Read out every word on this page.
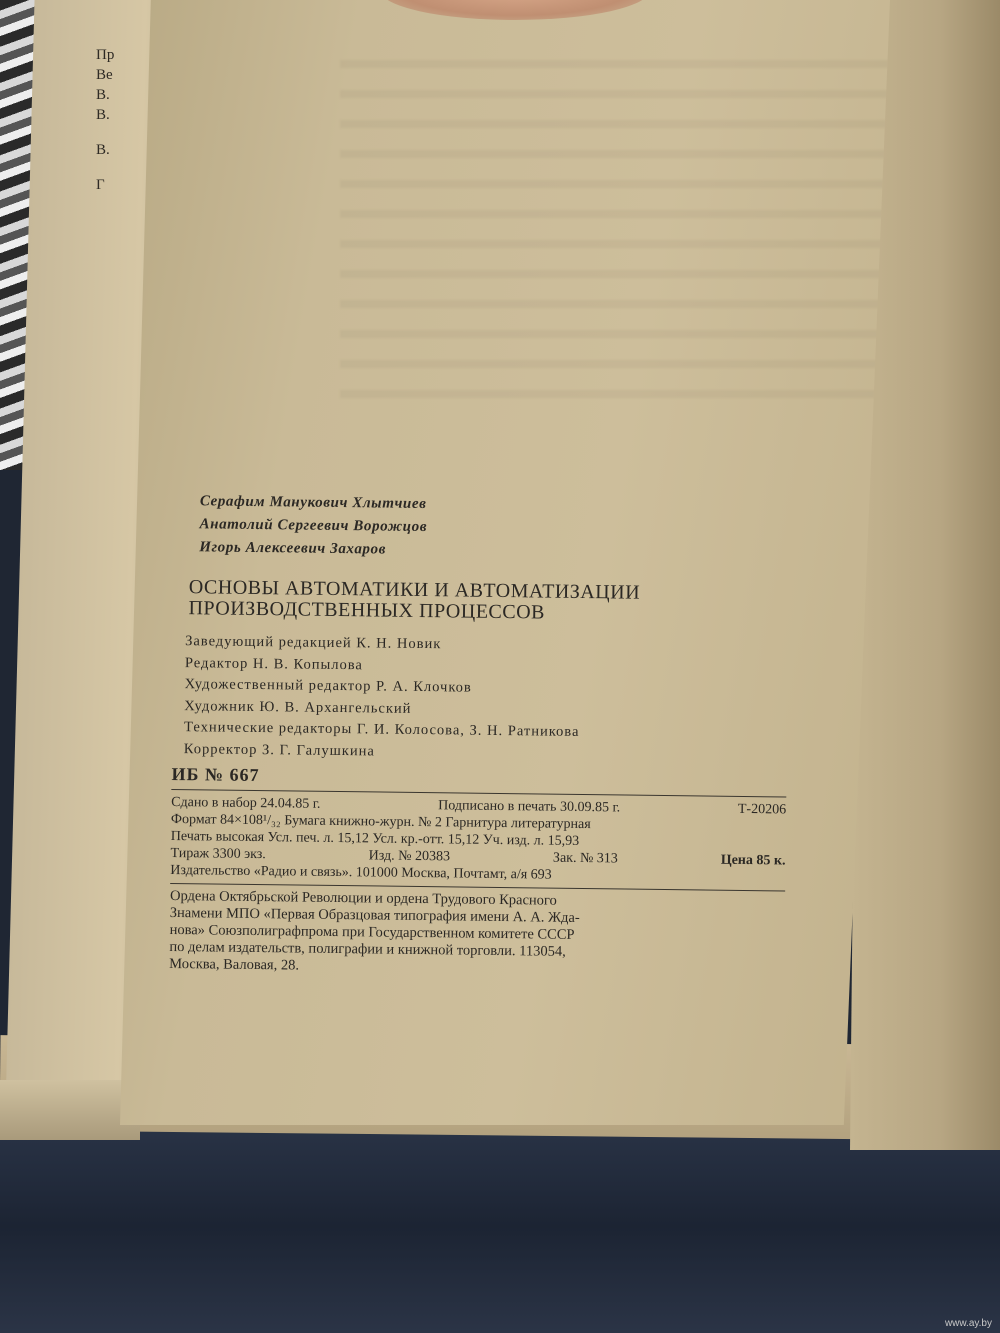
Пр
Ве
В.
В.
В.
Г
Серафим Манукович Хлытчиев
Анатолий Сергеевич Ворожцов
Игорь Алексеевич Захаров
ОСНОВЫ АВТОМАТИКИ И АВТОМАТИЗАЦИИ
ПРОИЗВОДСТВЕННЫХ ПРОЦЕССОВ
Заведующий редакцией К. Н. Новик
Редактор Н. В. Копылова
Художественный редактор Р. А. Клочков
Художник Ю. В. Архангельский
Технические редакторы Г. И. Колосова, З. Н. Ратникова
Корректор З. Г. Галушкина
ИБ № 667
Сдано в набор 24.04.85 г.	Подписано в печать 30.09.85 г.	Т-20206
Формат 84×108¹/₃₂ Бумага книжно-журн. № 2 Гарнитура литературная
Печать высокая Усл. печ. л. 15,12 Усл. кр.-отт. 15,12 Уч. изд. л. 15,93
Тираж 3300 экз.	Изд. № 20383	Зак. № 313	Цена 85 к.
Издательство «Радио и связь». 101000 Москва, Почтамт, а/я 693
Ордена Октябрьской Революции и ордена Трудового Красного
Знамени МПО «Первая Образцовая типография имени А. А. Жда-
нова» Союзполиграфпрома при Государственном комитете СССР
по делам издательств, полиграфии и книжной торговли. 113054,
Москва, Валовая, 28.
www.ay.by
